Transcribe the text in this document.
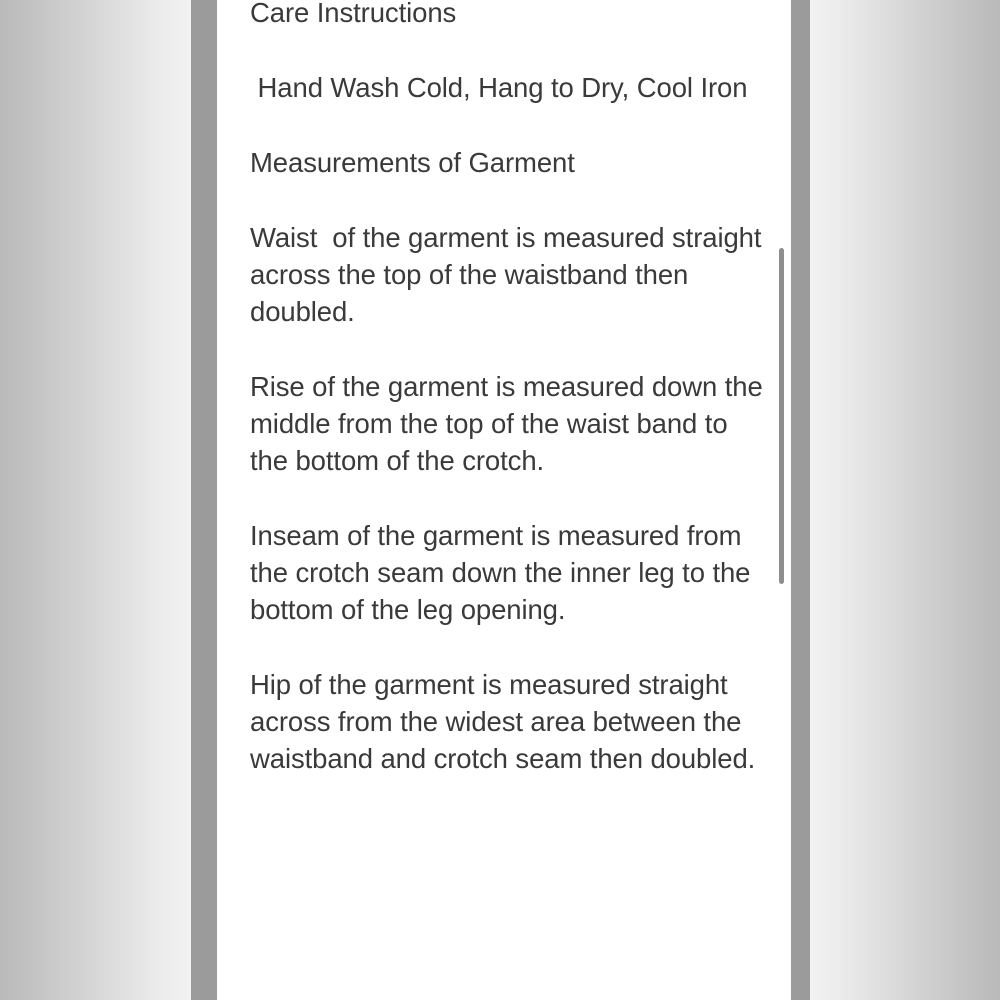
Care Instructions

Hand Wash Cold, Hang to Dry, Cool Iron

Measurements of Garment

Waist  of the garment is measured straight across the top of the waistband then doubled.

Rise of the garment is measured down the middle from the top of the waist band to the bottom of the crotch.

Inseam of the garment is measured from the crotch seam down the inner leg to the bottom of the leg opening.

Hip of the garment is measured straight across from the widest area between the waistband and crotch seam then doubled.
